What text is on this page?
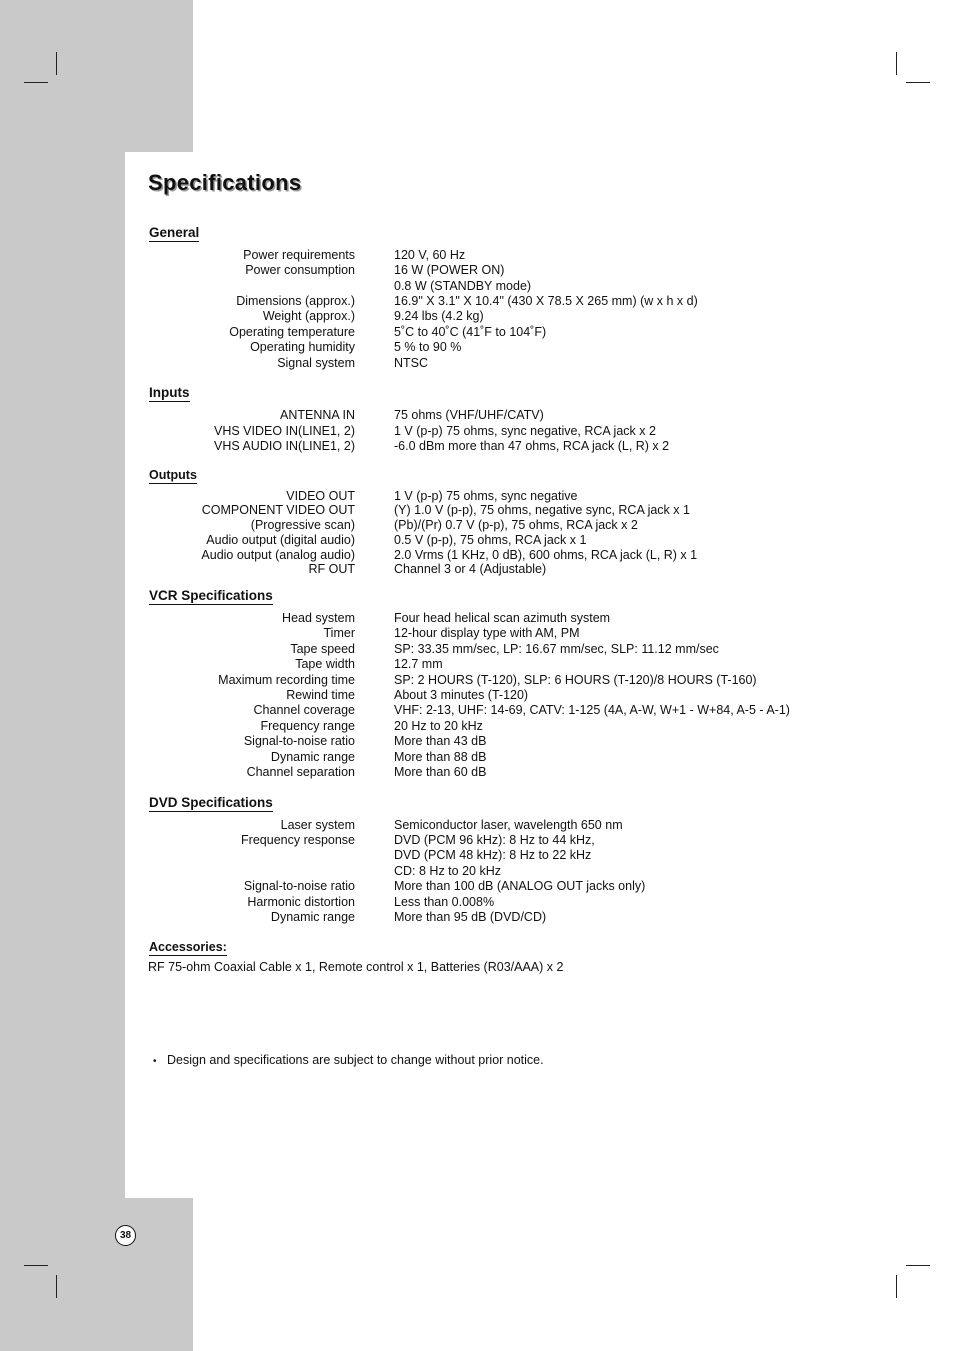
Specifications
General
Power requirements	120 V, 60 Hz
Power consumption	16 W (POWER ON)
0.8 W (STANDBY mode)
Dimensions (approx.)	16.9" X 3.1" X 10.4" (430 X 78.5 X 265 mm) (w x h x d)
Weight (approx.)	9.24 lbs (4.2 kg)
Operating temperature	5˚C to 40˚C (41˚F to 104˚F)
Operating humidity	5 % to 90 %
Signal system	NTSC
Inputs
ANTENNA IN	75 ohms (VHF/UHF/CATV)
VHS VIDEO IN(LINE1, 2)	1 V (p-p) 75 ohms, sync negative, RCA jack x 2
VHS AUDIO IN(LINE1, 2)	-6.0 dBm more than 47 ohms, RCA jack (L, R) x 2
Outputs
VIDEO OUT	1 V (p-p) 75 ohms, sync negative
COMPONENT VIDEO OUT	(Y) 1.0 V (p-p), 75 ohms, negative sync, RCA jack x 1
(Progressive scan)	(Pb)/(Pr) 0.7 V (p-p), 75 ohms, RCA jack x 2
Audio output (digital audio)	0.5 V (p-p), 75 ohms, RCA jack x 1
Audio output (analog audio)	2.0 Vrms (1 KHz, 0 dB), 600 ohms, RCA jack (L, R) x 1
RF OUT	Channel 3 or 4 (Adjustable)
VCR Specifications
Head system	Four head helical scan azimuth system
Timer	12-hour display type with AM, PM
Tape speed	SP: 33.35 mm/sec, LP: 16.67 mm/sec, SLP: 11.12 mm/sec
Tape width	12.7 mm
Maximum recording time	SP: 2 HOURS (T-120), SLP: 6 HOURS (T-120)/8 HOURS (T-160)
Rewind time	About 3 minutes (T-120)
Channel coverage	VHF: 2-13, UHF: 14-69, CATV: 1-125 (4A, A-W, W+1 - W+84, A-5 - A-1)
Frequency range	20 Hz to 20 kHz
Signal-to-noise ratio	More than 43 dB
Dynamic range	More than 88 dB
Channel separation	More than 60 dB
DVD Specifications
Laser system	Semiconductor laser, wavelength 650 nm
Frequency response	DVD (PCM 96 kHz): 8 Hz to 44 kHz,
DVD (PCM 48 kHz): 8 Hz to 22 kHz
CD: 8 Hz to 20 kHz
Signal-to-noise ratio	More than 100 dB (ANALOG OUT jacks only)
Harmonic distortion	Less than 0.008%
Dynamic range	More than 95 dB (DVD/CD)
Accessories:
RF 75-ohm Coaxial Cable x 1, Remote control x 1, Batteries (R03/AAA) x 2
• Design and specifications are subject to change without prior notice.
38
